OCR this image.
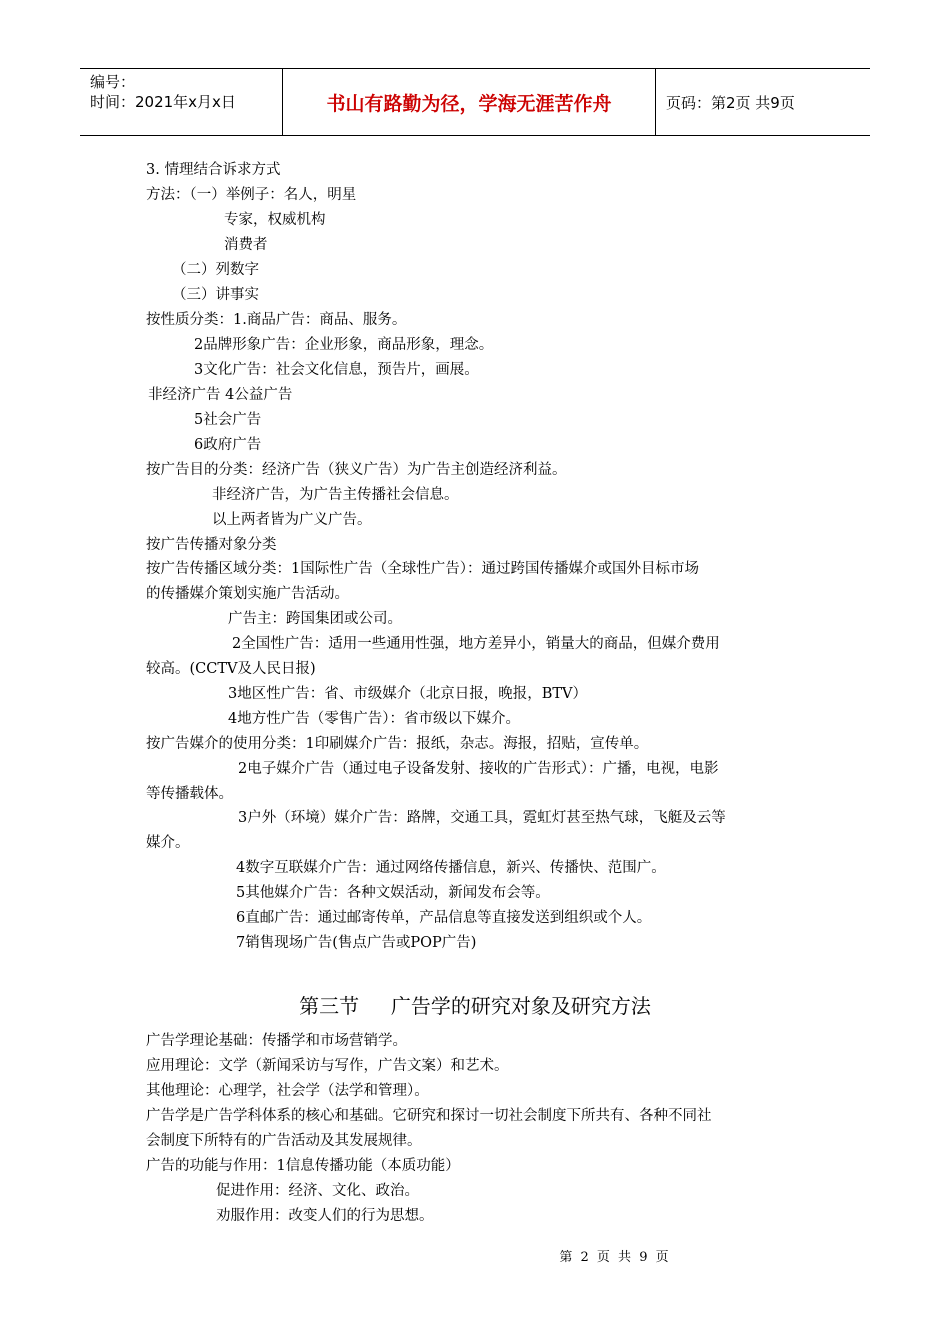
编号：
时间：2021年x月x日	书山有路勤为径，学海无涯苦作舟	页码：第2页 共9页
3. 情理结合诉求方式
方法：（一）举例子：名人，明星
专家，权威机构
消费者
（二）列数字
（三）讲事实
按性质分类：1.商品广告：商品、服务。
2品牌形象广告：企业形象，商品形象，理念。
3文化广告：社会文化信息，预告片，画展。
非经济广告 4公益广告
5社会广告
6政府广告
按广告目的分类：经济广告（狭义广告）为广告主创造经济利益。
非经济广告，为广告主传播社会信息。
以上两者皆为广义广告。
按广告传播对象分类
按广告传播区域分类：1国际性广告（全球性广告）：通过跨国传播媒介或国外目标市场
的传播媒介策划实施广告活动。
广告主：跨国集团或公司。
2全国性广告：适用一些通用性强，地方差异小，销量大的商品，但媒介费用
较高。(CCTV及人民日报)
3地区性广告：省、市级媒介（北京日报，晚报，BTV）
4地方性广告（零售广告）：省市级以下媒介。
按广告媒介的使用分类：1印刷媒介广告：报纸，杂志。海报，招贴，宣传单。
2电子媒介广告（通过电子设备发射、接收的广告形式）：广播，电视，电影
等传播载体。
3户外（环境）媒介广告：路牌，交通工具，霓虹灯甚至热气球，飞艇及云等
媒介。
4数字互联媒介广告：通过网络传播信息，新兴、传播快、范围广。
5其他媒介广告：各种文娱活动，新闻发布会等。
6直邮广告：通过邮寄传单，产品信息等直接发送到组织或个人。
7销售现场广告(售点广告或POP广告)
第三节     广告学的研究对象及研究方法
广告学理论基础：传播学和市场营销学。
应用理论：文学（新闻采访与写作，广告文案）和艺术。
其他理论：心理学，社会学（法学和管理）。
广告学是广告学科体系的核心和基础。它研究和探讨一切社会制度下所共有、各种不同社
会制度下所特有的广告活动及其发展规律。
广告的功能与作用：1信息传播功能（本质功能）
促进作用：经济、文化、政治。
劝服作用：改变人们的行为思想。
第 2 页 共 9 页
